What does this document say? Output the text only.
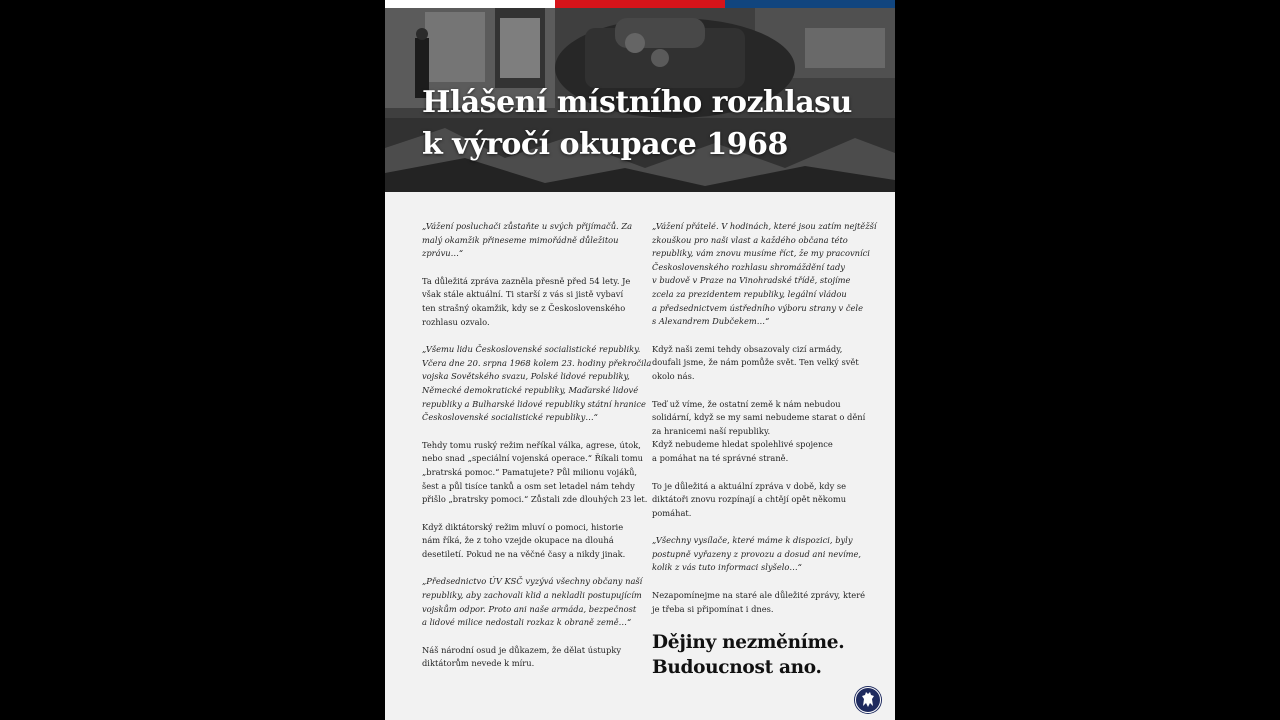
Hlášení místního rozhlasu
k výročí okupace 1968

„Vážení posluchači zůstaňte u svých přijímačů. Za
malý okamžik přineseme mimořádně důležitou
zprávu…“

Ta důležitá zpráva zazněla přesně před 54 lety. Je
však stále aktuální. Ti starší z vás si jistě vybaví
ten strašný okamžik, kdy se z Československého
rozhlasu ozvalo.

„Všemu lidu Československé socialistické republiky.
Včera dne 20. srpna 1968 kolem 23. hodiny překročila
vojska Sovětského svazu, Polské lidové republiky,
Německé demokratické republiky, Maďarské lidové
republiky a Bulharské lidové republiky státní hranice
Československé socialistické republiky…“

Tehdy tomu ruský režim neříkal válka, agrese, útok,
nebo snad „speciální vojenská operace.“ Říkali tomu
„bratrská pomoc.“ Pamatujete? Půl milionu vojáků,
šest a půl tisíce tanků a osm set letadel nám tehdy
přišlo „bratrsky pomoci.“ Zůstali zde dlouhých 23 let.

Když diktátorský režim mluví o pomoci, historie
nám říká, že z toho vzejde okupace na dlouhá
desetiletí. Pokud ne na věčné časy a nikdy jinak.

„Předsednictvo ÚV KSČ vyzývá všechny občany naší
republiky, aby zachovali klid a nekladli postupujícím
vojskům odpor. Proto ani naše armáda, bezpečnost
a lidové milice nedostali rozkaz k obraně země…“

Náš národní osud je důkazem, že dělat ústupky
diktátorům nevede k míru.

„Vážení přátelé. V hodinách, které jsou zatím nejtěžší
zkouškou pro naši vlast a každého občana této
republiky, vám znovu musíme říct, že my pracovníci
Československého rozhlasu shromáždění tady
v budově v Praze na Vinohradské třídě, stojíme
zcela za prezidentem republiky, legální vládou
a předsednictvem ústředního výboru strany v čele
s Alexandrem Dubčekem…“

Když naši zemi tehdy obsazovaly cizí armády,
doufali jsme, že nám pomůže svět. Ten velký svět
okolo nás.

Teď už víme, že ostatní země k nám nebudou
solidární, když se my sami nebudeme starat o dění
za hranicemi naší republiky.
Když nebudeme hledat spolehlivé spojence
a pomáhat na té správné straně.

To je důležitá a aktuální zpráva v době, kdy se
diktátoři znovu rozpínají a chtějí opět někomu
pomáhat.

„Všechny vysílače, které máme k dispozici, byly
postupně vyřazeny z provozu a dosud ani nevíme,
kolik z vás tuto informaci slyšelo…“

Nezapomínejme na staré ale důležité zprávy, které
je třeba si připomínat i dnes.

Dějiny nezměníme.
Budoucnost ano.
